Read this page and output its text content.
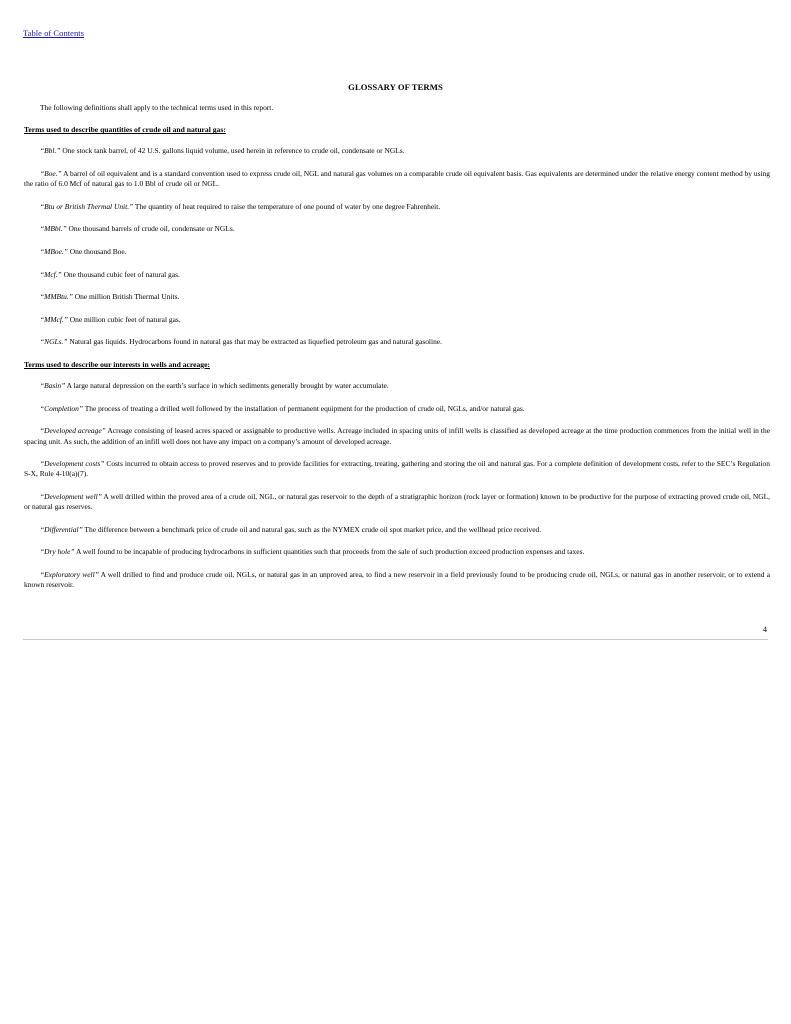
Table of Contents
GLOSSARY OF TERMS

The following definitions shall apply to the technical terms used in this report.

Terms used to describe quantities of crude oil and natural gas:

“Bbl.” One stock tank barrel, of 42 U.S. gallons liquid volume, used herein in reference to crude oil, condensate or NGLs.

“Boe.” A barrel of oil equivalent and is a standard convention used to express crude oil, NGL and natural gas volumes on a comparable crude oil equivalent basis. Gas equivalents are determined under the relative energy content method by using the ratio of 6.0 Mcf of natural gas to 1.0 Bbl of crude oil or NGL.

“Btu or British Thermal Unit.” The quantity of heat required to raise the temperature of one pound of water by one degree Fahrenheit.

“MBbl.” One thousand barrels of crude oil, condensate or NGLs.

“MBoe.” One thousand Boe.

“Mcf.” One thousand cubic feet of natural gas.

“MMBtu.” One million British Thermal Units.

“MMcf.” One million cubic feet of natural gas.

“NGLs.” Natural gas liquids. Hydrocarbons found in natural gas that may be extracted as liquefied petroleum gas and natural gasoline.

Terms used to describe our interests in wells and acreage:

“Basin” A large natural depression on the earth’s surface in which sediments generally brought by water accumulate.

“Completion” The process of treating a drilled well followed by the installation of permanent equipment for the production of crude oil, NGLs, and/or natural gas.

“Developed acreage” Acreage consisting of leased acres spaced or assignable to productive wells. Acreage included in spacing units of infill wells is classified as developed acreage at the time production commences from the initial well in the spacing unit. As such, the addition of an infill well does not have any impact on a company’s amount of developed acreage.

“Development costs” Costs incurred to obtain access to proved reserves and to provide facilities for extracting, treating, gathering and storing the oil and natural gas. For a complete definition of development costs, refer to the SEC’s Regulation S-X, Rule 4-10(a)(7).

“Development well” A well drilled within the proved area of a crude oil, NGL, or natural gas reservoir to the depth of a stratigraphic horizon (rock layer or formation) known to be productive for the purpose of extracting proved crude oil, NGL, or natural gas reserves.

“Differential” The difference between a benchmark price of crude oil and natural gas, such as the NYMEX crude oil spot market price, and the wellhead price received.

“Dry hole” A well found to be incapable of producing hydrocarbons in sufficient quantities such that proceeds from the sale of such production exceed production expenses and taxes.

“Exploratory well” A well drilled to find and produce crude oil, NGLs, or natural gas in an unproved area, to find a new reservoir in a field previously found to be producing crude oil, NGLs, or natural gas in another reservoir, or to extend a known reservoir.

4
